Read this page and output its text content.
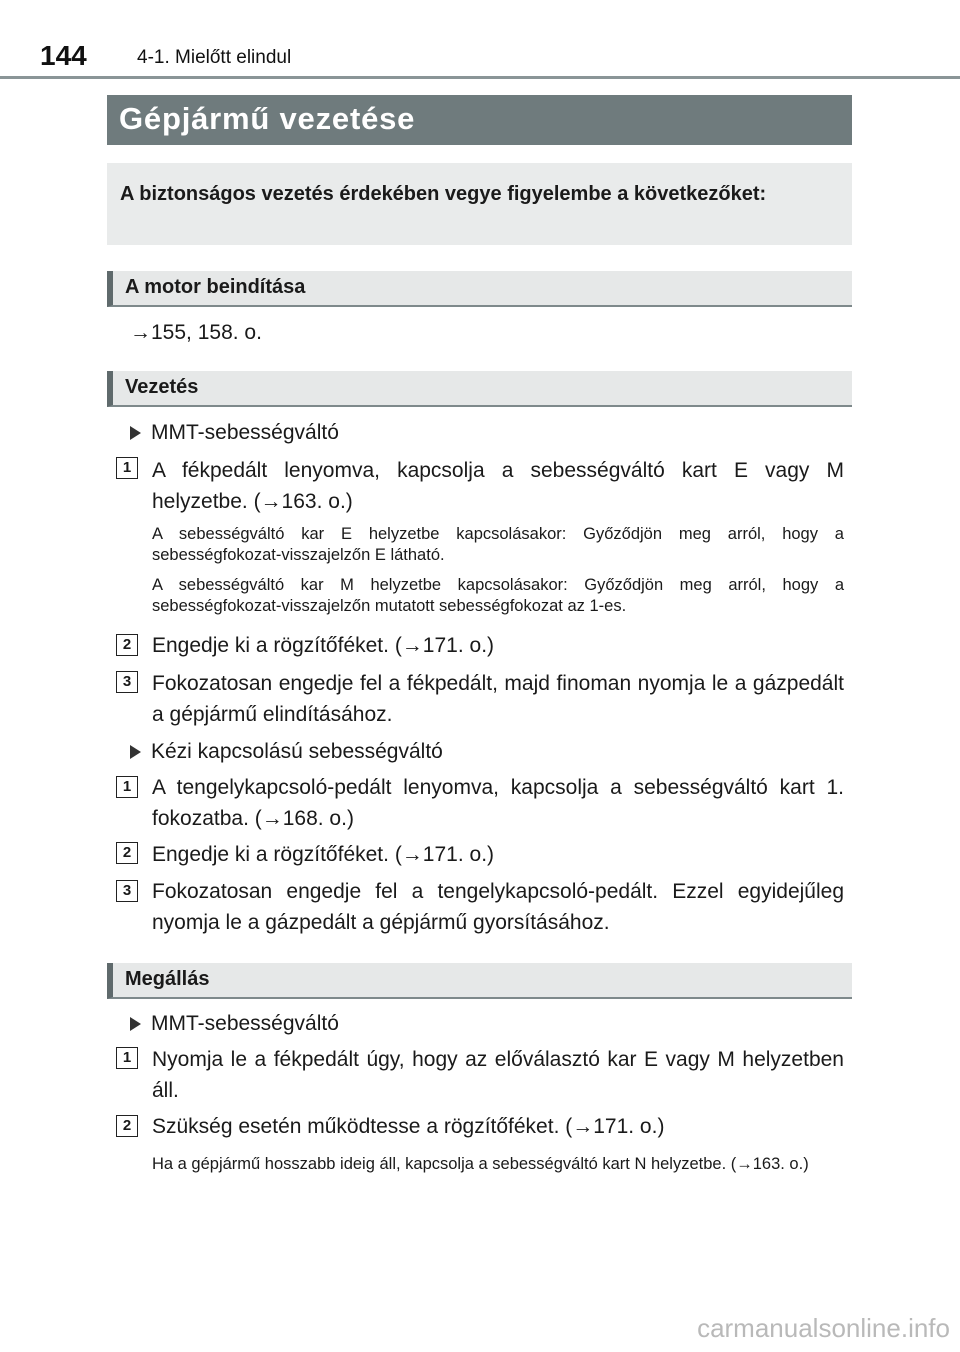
144	4-1. Mielőtt elindul
Gépjármű vezetése

A biztonságos vezetés érdekében vegye figyelembe a következőket:

A motor beindítása
→155, 158. o.
Vezetés
MMT-sebességváltó
1 A fékpedált lenyomva, kapcsolja a sebességváltó kart E vagy M helyzetbe. (→163. o.)
A sebességváltó kar E helyzetbe kapcsolásakor: Győződjön meg arról, hogy a sebességfokozat-visszajelzőn E látható.
A sebességváltó kar M helyzetbe kapcsolásakor: Győződjön meg arról, hogy a sebességfokozat-visszajelzőn mutatott sebességfokozat az 1-es.
2 Engedje ki a rögzítőféket. (→171. o.)
3 Fokozatosan engedje fel a fékpedált, majd finoman nyomja le a gázpedált a gépjármű elindításához.
Kézi kapcsolású sebességváltó
1 A tengelykapcsoló-pedált lenyomva, kapcsolja a sebességváltó kart 1. fokozatba. (→168. o.)
2 Engedje ki a rögzítőféket. (→171. o.)
3 Fokozatosan engedje fel a tengelykapcsoló-pedált. Ezzel egyidejűleg nyomja le a gázpedált a gépjármű gyorsításához.
Megállás
MMT-sebességváltó
1 Nyomja le a fékpedált úgy, hogy az előválasztó kar E vagy M helyzetben áll.
2 Szükség esetén működtesse a rögzítőféket. (→171. o.)
Ha a gépjármű hosszabb ideig áll, kapcsolja a sebességváltó kart N helyzetbe. (→163. o.)
carmanualsonline.info
